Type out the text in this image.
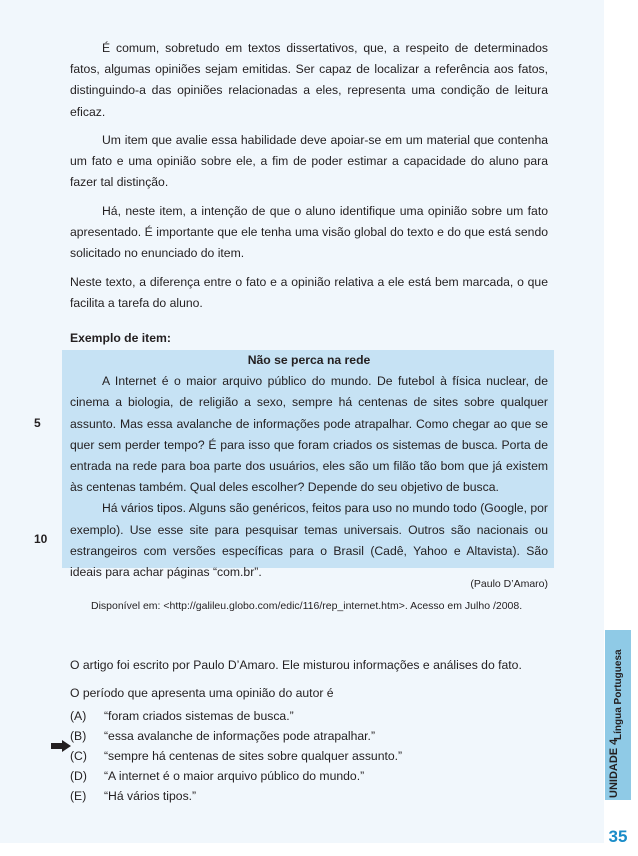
É comum, sobretudo em textos dissertativos, que, a respeito de determinados fatos, algumas opiniões sejam emitidas. Ser capaz de localizar a referência aos fatos, distinguindo-a das opiniões relacionadas a eles, representa uma condição de leitura eficaz.

Um item que avalie essa habilidade deve apoiar-se em um material que contenha um fato e uma opinião sobre ele, a fim de poder estimar a capacidade do aluno para fazer tal distinção.

Há, neste item, a intenção de que o aluno identifique uma opinião sobre um fato apresentado. É importante que ele tenha uma visão global do texto e do que está sendo solicitado no enunciado do item.

Neste texto, a diferença entre o fato e a opinião relativa a ele está bem marcada, o que facilita a tarefa do aluno.

Exemplo de item:

Não se perca na rede
A Internet é o maior arquivo público do mundo. De futebol à física nuclear, de cinema a biologia, de religião a sexo, sempre há centenas de sites sobre qualquer assunto. Mas essa avalanche de informações pode atrapalhar. Como chegar ao que se quer sem perder tempo? É para isso que foram criados os sistemas de busca. Porta de entrada na rede para boa parte dos usuários, eles são um filão tão bom que já existem às centenas também. Qual deles escolher? Depende do seu objetivo de busca.
Há vários tipos. Alguns são genéricos, feitos para uso no mundo todo (Google, por exemplo). Use esse site para pesquisar temas universais. Outros são nacionais ou estrangeiros com versões específicas para o Brasil (Cadê, Yahoo e Altavista). São ideais para achar páginas “com.br”.
5
10
(Paulo D’Amaro)
Disponível em: <http://galileu.globo.com/edic/116/rep_internet.htm>. Acesso em Julho /2008.

O artigo foi escrito por Paulo D’Amaro. Ele misturou informações e análises do fato.

O período que apresenta uma opinião do autor é

(A) “foram criados sistemas de busca.”
(B) “essa avalanche de informações pode atrapalhar.”
(C) “sempre há centenas de sites sobre qualquer assunto.”
(D) “A internet é o maior arquivo público do mundo.”
(E) “Há vários tipos.”	UNIDADE 4
Língua Portuguesa
35
